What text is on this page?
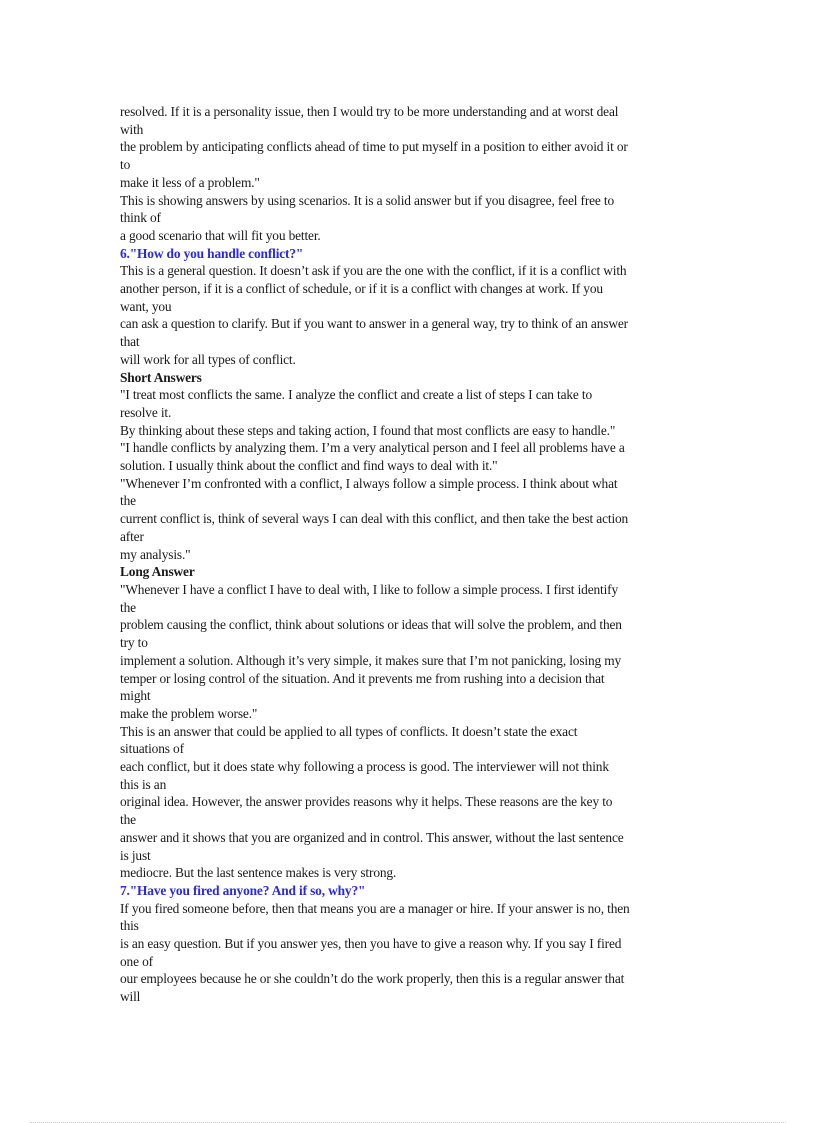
resolved. If it is a personality issue, then I would try to be more understanding and at worst deal
with
the problem by anticipating conflicts ahead of time to put myself in a position to either avoid it or
to
make it less of a problem."
This is showing answers by using scenarios. It is a solid answer but if you disagree, feel free to
think of
a good scenario that will fit you better.
6."How do you handle conflict?"
This is a general question. It doesn’t ask if you are the one with the conflict, if it is a conflict with
another person, if it is a conflict of schedule, or if it is a conflict with changes at work. If you
want, you
can ask a question to clarify. But if you want to answer in a general way, try to think of an answer
that
will work for all types of conflict.
Short Answers
"I treat most conflicts the same. I analyze the conflict and create a list of steps I can take to
resolve it.
By thinking about these steps and taking action, I found that most conflicts are easy to handle."
"I handle conflicts by analyzing them. I’m a very analytical person and I feel all problems have a
solution. I usually think about the conflict and find ways to deal with it."
"Whenever I’m confronted with a conflict, I always follow a simple process. I think about what
the
current conflict is, think of several ways I can deal with this conflict, and then take the best action
after
my analysis."
Long Answer
"Whenever I have a conflict I have to deal with, I like to follow a simple process. I first identify
the
problem causing the conflict, think about solutions or ideas that will solve the problem, and then
try to
implement a solution. Although it’s very simple, it makes sure that I’m not panicking, losing my
temper or losing control of the situation. And it prevents me from rushing into a decision that
might
make the problem worse."
This is an answer that could be applied to all types of conflicts. It doesn’t state the exact
situations of
each conflict, but it does state why following a process is good. The interviewer will not think
this is an
original idea. However, the answer provides reasons why it helps. These reasons are the key to
the
answer and it shows that you are organized and in control. This answer, without the last sentence
is just
mediocre. But the last sentence makes is very strong.
7."Have you fired anyone? And if so, why?"
If you fired someone before, then that means you are a manager or hire. If your answer is no, then
this
is an easy question. But if you answer yes, then you have to give a reason why. If you say I fired
one of
our employees because he or she couldn’t do the work properly, then this is a regular answer that
will
